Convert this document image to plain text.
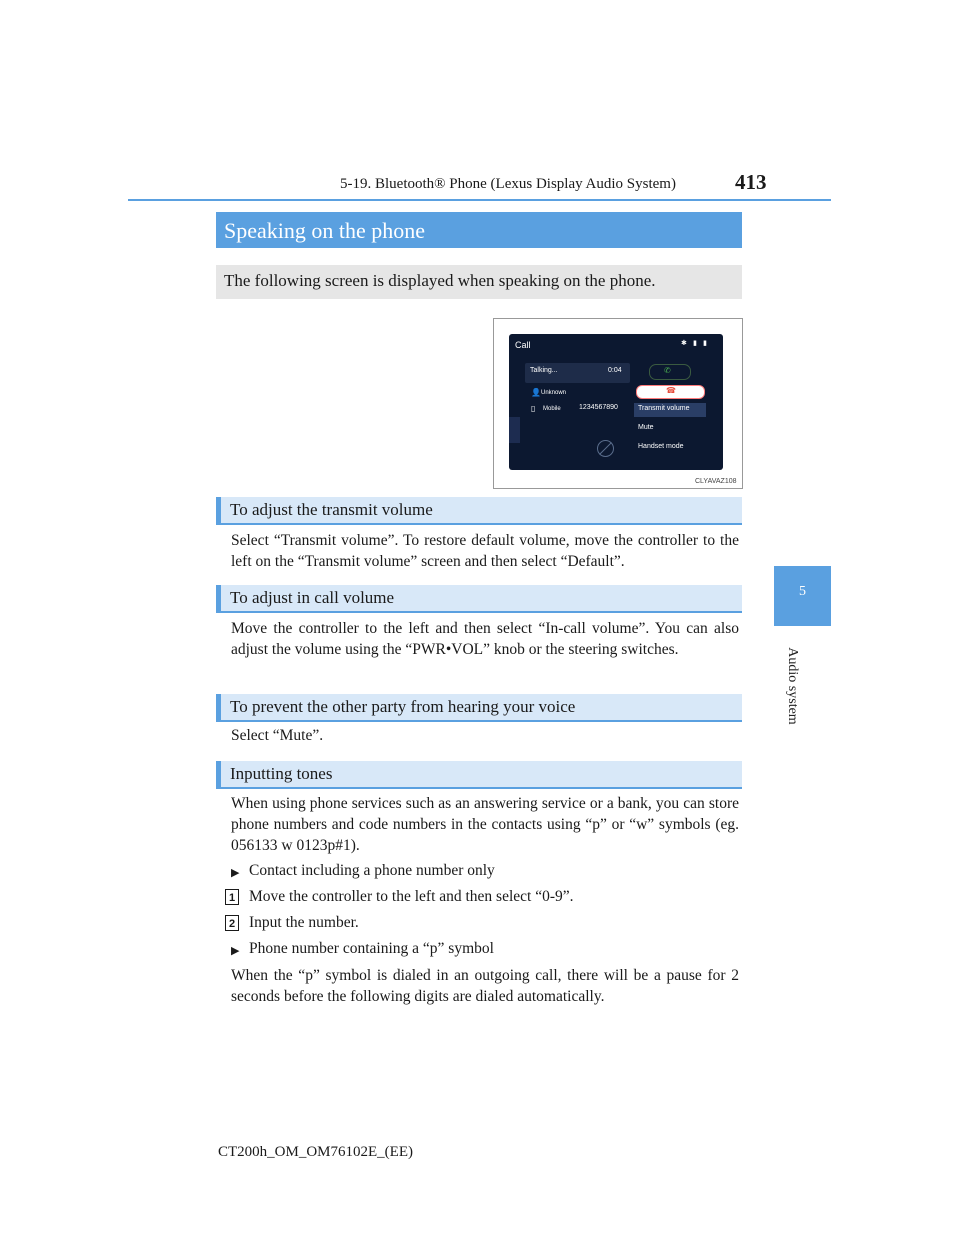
5-19. Bluetooth® Phone (Lexus Display Audio System)	413
5
Audio system
Speaking on the phone
The following screen is displayed when speaking on the phone.
Call	✱ ▮ ▮
Talking...	0:04
👤 Unknown
▯ Mobile	1234567890
✆
☎
Transmit volume
Mute
Handset mode
CLYAVAZ108
To adjust the transmit volume
Select “Transmit volume”. To restore default volume, move the controller to the left on the “Transmit volume” screen and then select “Default”.
To adjust in call volume
Move the controller to the left and then select “In-call volume”. You can also adjust the volume using the “PWR•VOL” knob or the steering switches.
To prevent the other party from hearing your voice
Select “Mute”.
Inputting tones
When using phone services such as an answering service or a bank, you can store phone numbers and code numbers in the contacts using “p” or “w” symbols (eg. 056133 w 0123p#1).
▶ Contact including a phone number only
1 Move the controller to the left and then select “0-9”.
2 Input the number.
▶ Phone number containing a “p” symbol
When the “p” symbol is dialed in an outgoing call, there will be a pause for 2 seconds before the following digits are dialed automatically.
CT200h_OM_OM76102E_(EE)
